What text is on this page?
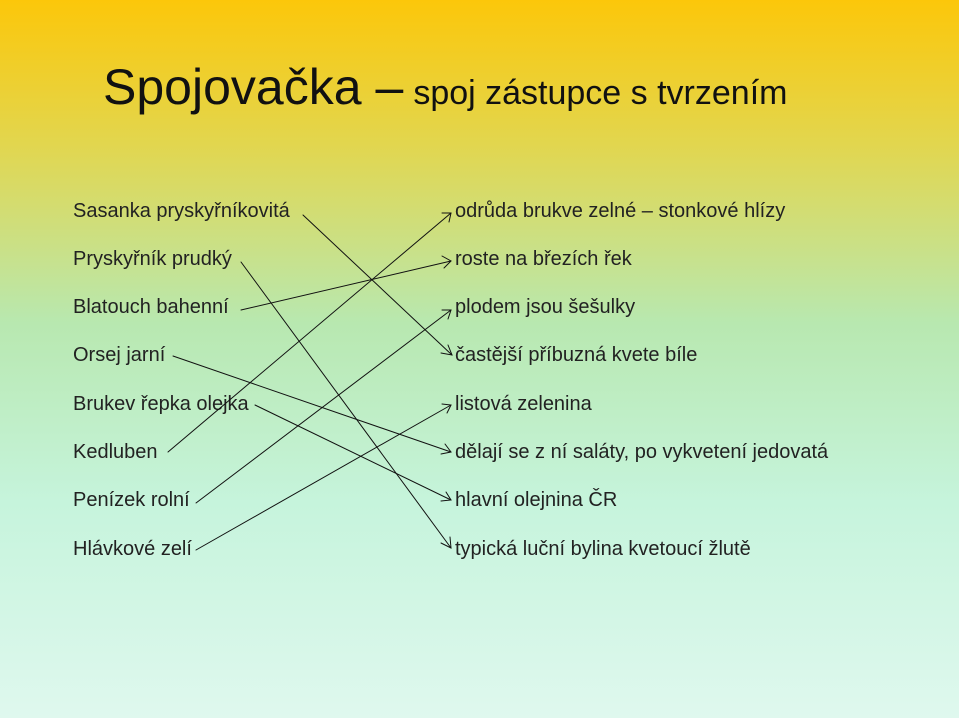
Spojovačka – spoj zástupce s tvrzením
Sasanka pryskyřníkovitá
Pryskyřník prudký
Blatouch bahenní
Orsej jarní
Brukev řepka olejka
Kedluben
Penízek rolní
Hlávkové zelí
odrůda brukve zelné – stonkové hlízy
roste na březích řek
plodem jsou šešulky
častější příbuzná kvete bíle
listová zelenina
dělají se z ní saláty, po vykvetení jedovatá
hlavní olejnina ČR
typická luční bylina kvetoucí žlutě
